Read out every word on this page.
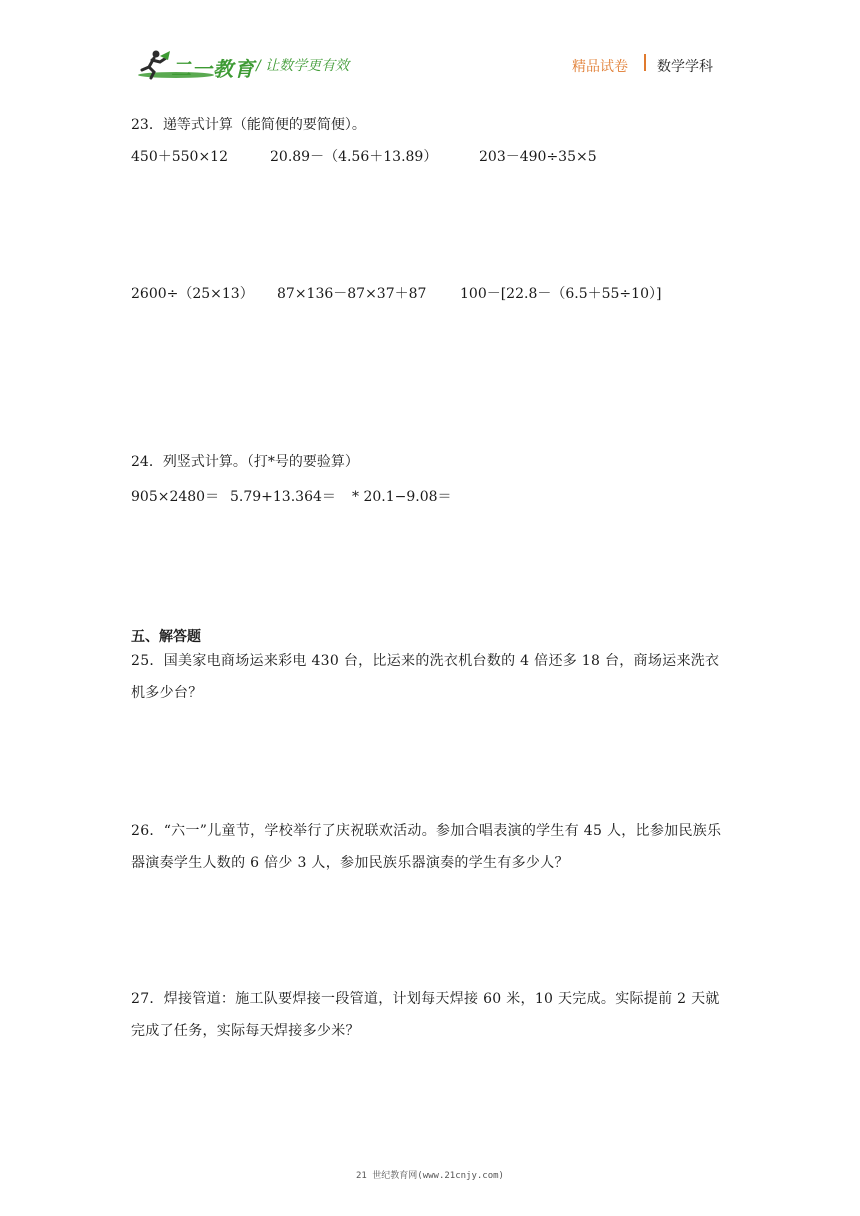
二一教育 / 让数学更有效	精品试卷 数学学科
23．递等式计算（能简便的要简便）。
450＋550×12	20.89－（4.56＋13.89）	203－490÷35×5
2600÷（25×13） 87×136－87×37＋87 100－[22.8－（6.5＋55÷10）]
24．列竖式计算。（打*号的要验算）
905×2480＝ 5.79+13.364＝ * 20.1−9.08＝
五、解答题
25．国美家电商场运来彩电 430 台，比运来的洗衣机台数的 4 倍还多 18 台，商场运来洗衣机多少台？
26．“六一”儿童节，学校举行了庆祝联欢活动。参加合唱表演的学生有 45 人，比参加民族乐器演奏学生人数的 6 倍少 3 人，参加民族乐器演奏的学生有多少人？
27．焊接管道：施工队要焊接一段管道，计划每天焊接 60 米，10 天完成。实际提前 2 天就完成了任务，实际每天焊接多少米？
21 世纪教育网(www.21cnjy.com)
